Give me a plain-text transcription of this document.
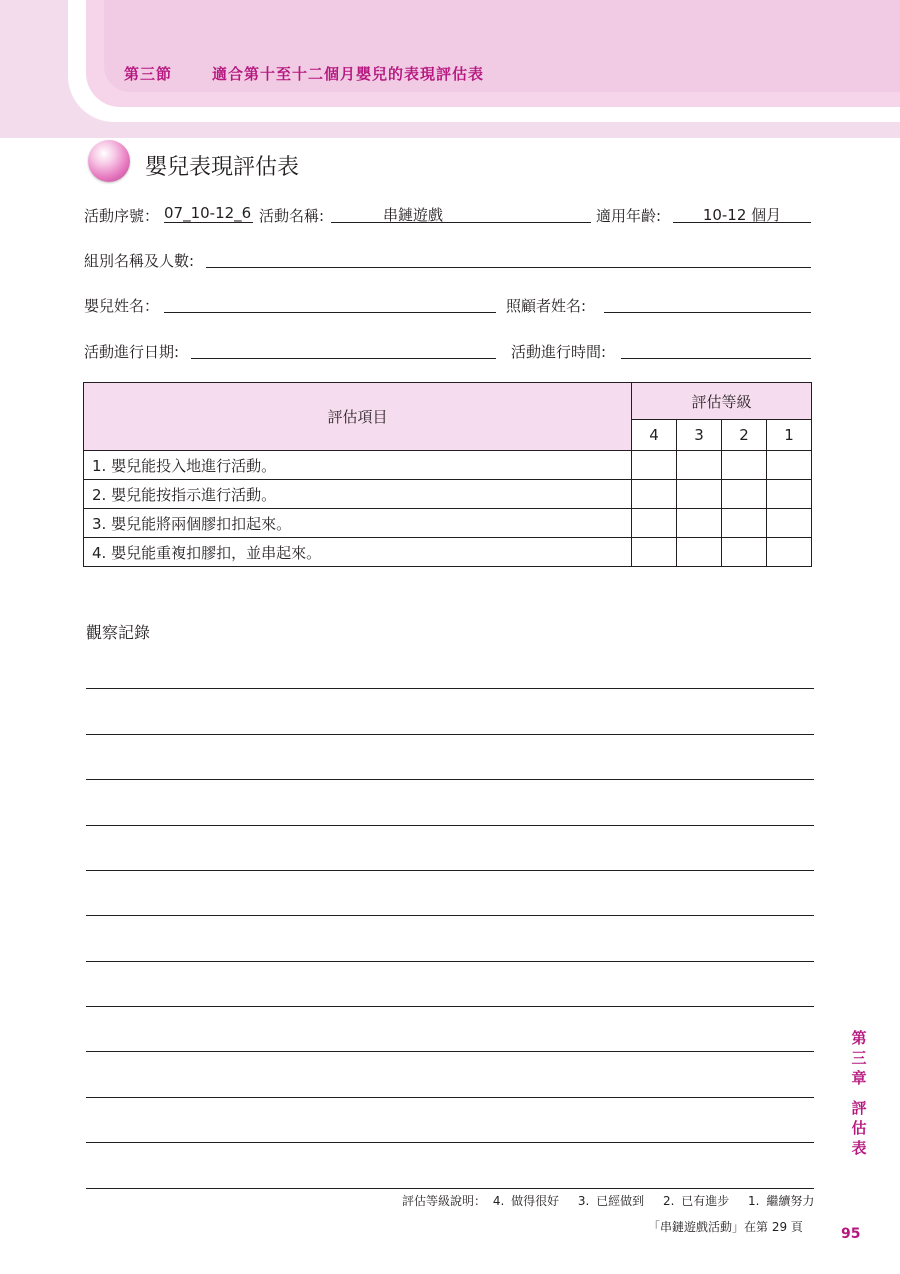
第三節	適合第十至十二個月嬰兒的表現評估表
嬰兒表現評估表
活動序號： 07_10-12_6 活動名稱:	串鏈遊戲	適用年齡:	10-12 個月
組別名稱及人數:
嬰兒姓名：	照顧者姓名:
活動進行日期:	活動進行時間:
評估項目	評估等級			
	4	3	2	1
1. 嬰兒能投入地進行活動。				
2. 嬰兒能按指示進行活動。				
3. 嬰兒能將兩個膠扣扣起來。				
4. 嬰兒能重複扣膠扣，並串起來。				
觀察記錄
評估等級說明： 4. 做得很好　 3. 已經做到　 2. 已有進步　 1. 繼續努力
「串鏈遊戲活動」在第 29 頁	95
第
三
章
評
估
表
